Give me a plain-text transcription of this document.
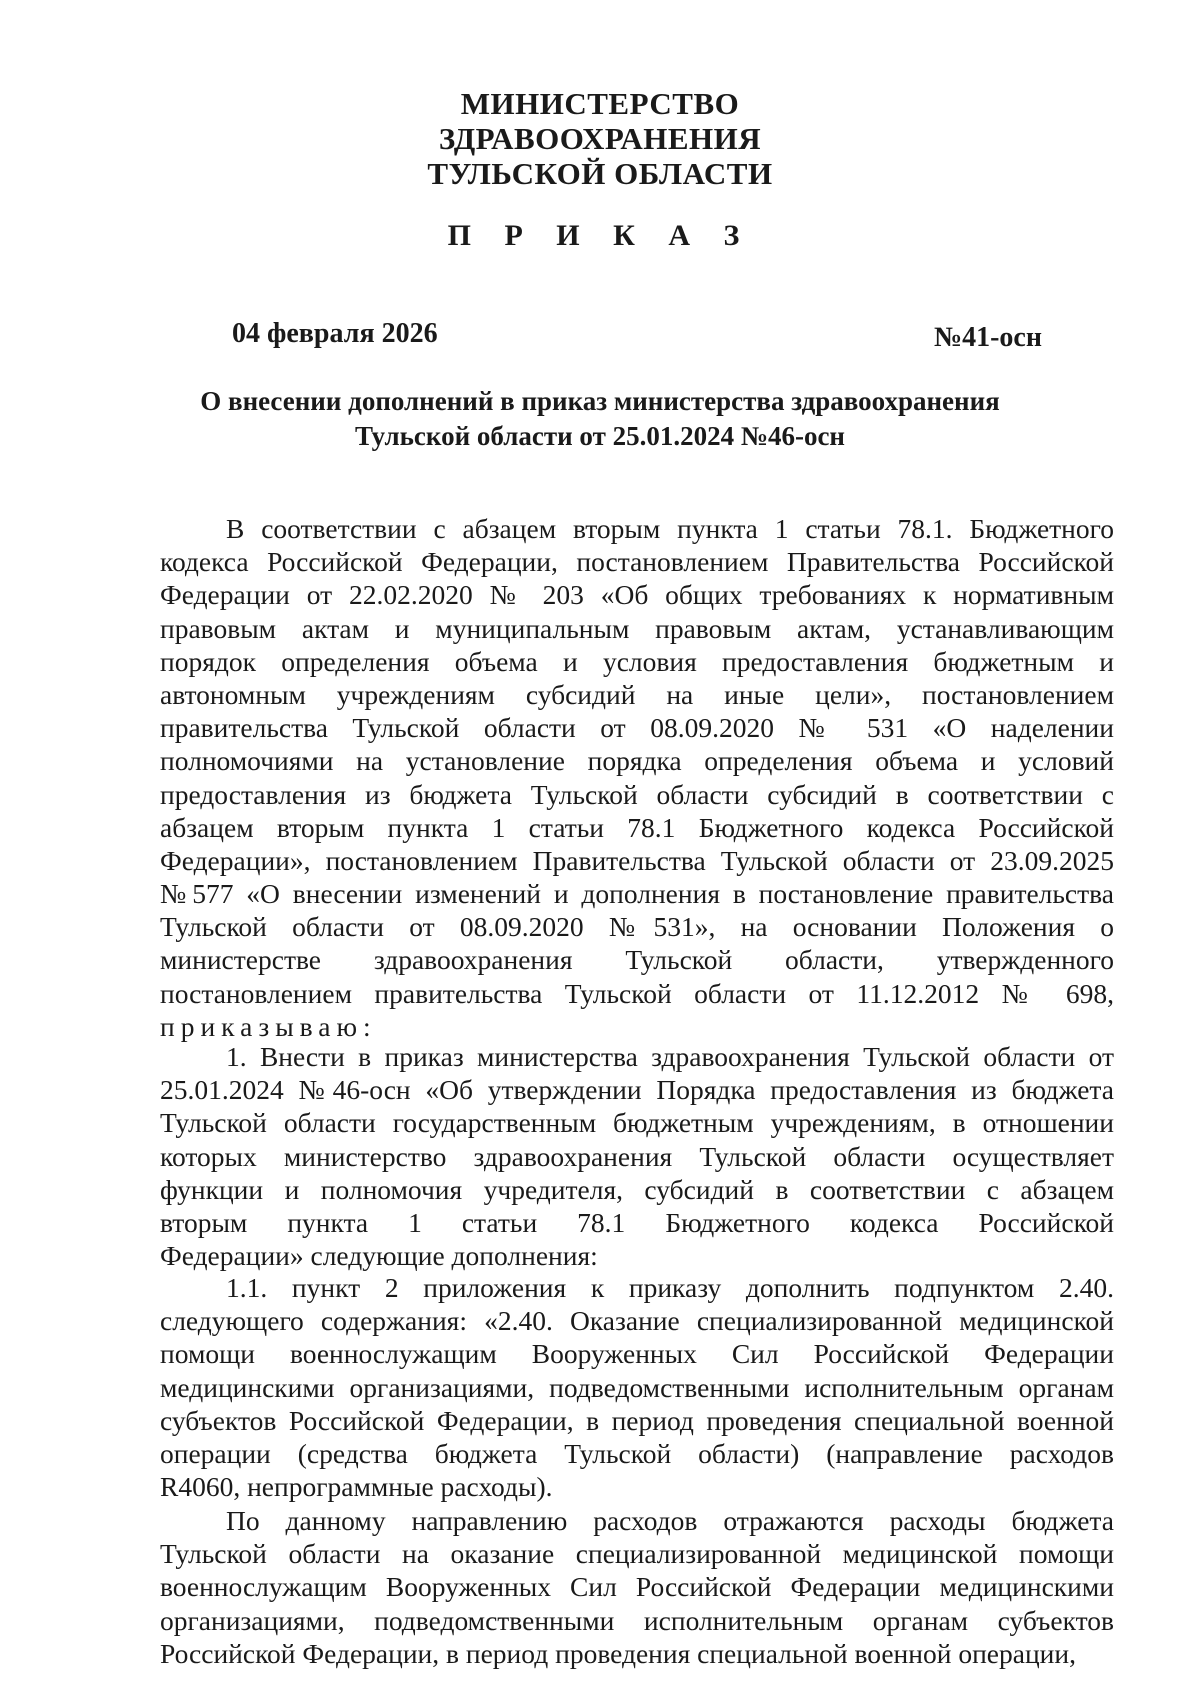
МИНИСТЕРСТВО
ЗДРАВООХРАНЕНИЯ
ТУЛЬСКОЙ ОБЛАСТИ
П Р И К А З
04 февраля 2026	№41-осн
О внесении дополнений в приказ министерства здравоохранения
Тульской области от 25.01.2024 №46-осн
В соответствии с абзацем вторым пункта 1 статьи 78.1. Бюджетного
кодекса Российской Федерации, постановлением Правительства Российской
Федерации от 22.02.2020 № 203 «Об общих требованиях к нормативным
правовым актам и муниципальным правовым актам, устанавливающим
порядок определения объема и условия предоставления бюджетным и
автономным учреждениям субсидий на иные цели», постановлением
правительства Тульской области от 08.09.2020 № 531 «О наделении
полномочиями на установление порядка определения объема и условий
предоставления из бюджета Тульской области субсидий в соответствии с
абзацем вторым пункта 1 статьи 78.1 Бюджетного кодекса Российской
Федерации», постановлением Правительства Тульской области от 23.09.2025
№577 «О внесении изменений и дополнения в постановление правительства
Тульской области от 08.09.2020 №531», на основании Положения о
министерстве здравоохранения Тульской области, утвержденного
постановлением правительства Тульской области от 11.12.2012 № 698,
приказываю:
1. Внести в приказ министерства здравоохранения Тульской области от
25.01.2024 №46-осн «Об утверждении Порядка предоставления из бюджета
Тульской области государственным бюджетным учреждениям, в отношении
которых министерство здравоохранения Тульской области осуществляет
функции и полномочия учредителя, субсидий в соответствии с абзацем
вторым пункта 1 статьи 78.1 Бюджетного кодекса Российской
Федерации» следующие дополнения:
1.1. пункт 2 приложения к приказу дополнить подпунктом 2.40.
следующего содержания: «2.40. Оказание специализированной медицинской
помощи военнослужащим Вооруженных Сил Российской Федерации
медицинскими организациями, подведомственными исполнительным органам
субъектов Российской Федерации, в период проведения специальной военной
операции (средства бюджета Тульской области) (направление расходов
R4060, непрограммные расходы).
По данному направлению расходов отражаются расходы бюджета
Тульской области на оказание специализированной медицинской помощи
военнослужащим Вооруженных Сил Российской Федерации медицинскими
организациями, подведомственными исполнительным органам субъектов
Российской Федерации, в период проведения специальной военной операции,
